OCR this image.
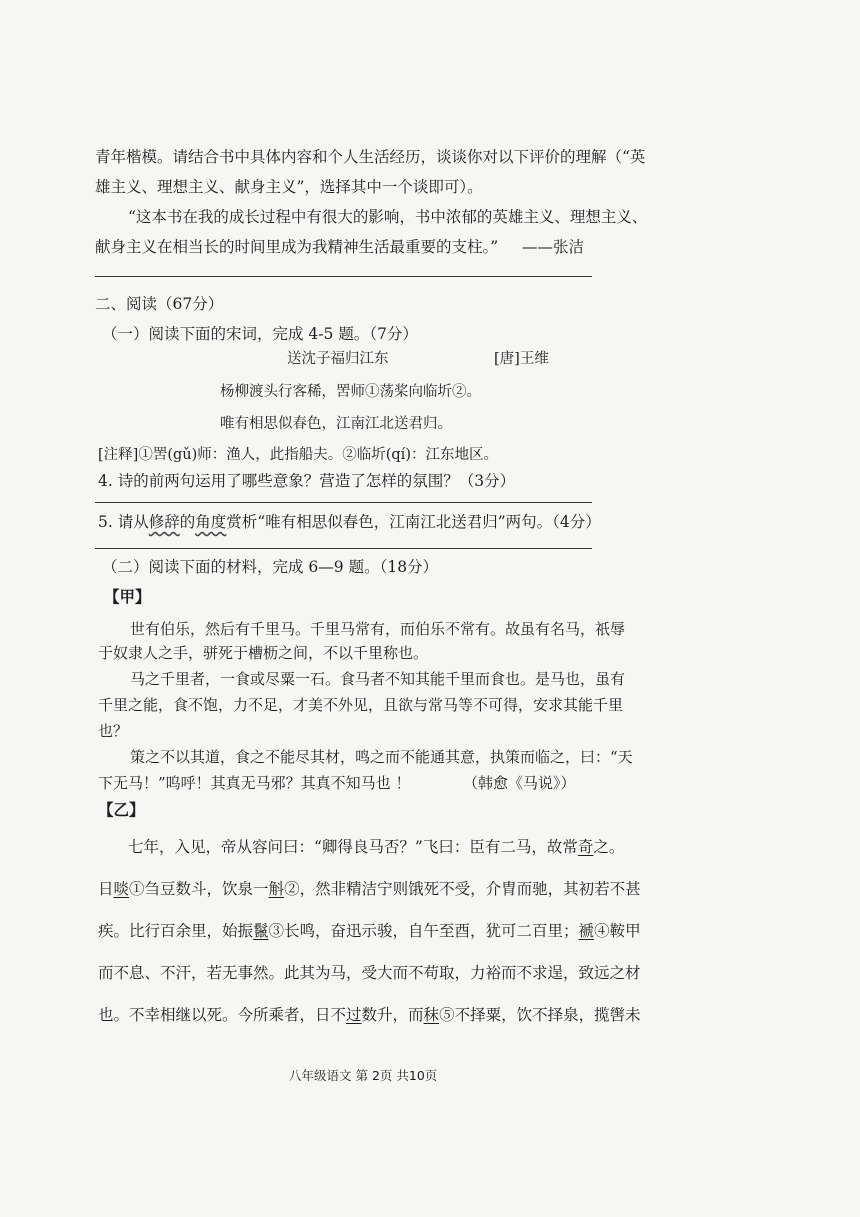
青年楷模。请结合书中具体内容和个人生活经历，谈谈你对以下评价的理解（“英
雄主义、理想主义、献身主义”，选择其中一个谈即可）。
“这本书在我的成长过程中有很大的影响，书中浓郁的英雄主义、理想主义、
献身主义在相当长的时间里成为我精神生活最重要的支柱。” ——张洁
二、阅读（67分）
（一）阅读下面的宋词，完成 4-5 题。（7分）
送沈子福归江东	[唐]王维
杨柳渡头行客稀，罟师①荡桨向临圻②。
唯有相思似春色，江南江北送君归。
[注释]①罟(gǔ)师：渔人，此指船夫。②临圻(qí)：江东地区。
4. 诗的前两句运用了哪些意象？营造了怎样的氛围？（3分）
5. 请从修辞的角度赏析“唯有相思似春色，江南江北送君归”两句。（4分）
（二）阅读下面的材料，完成 6—9 题。（18分）
【甲】
世有伯乐，然后有千里马。千里马常有，而伯乐不常有。故虽有名马，祇辱
于奴隶人之手，骈死于槽枥之间，不以千里称也。
马之千里者，一食或尽粟一石。食马者不知其能千里而食也。是马也，虽有
千里之能，食不饱，力不足，才美不外见，且欲与常马等不可得，安求其能千里
也？
策之不以其道，食之不能尽其材，鸣之而不能通其意，执策而临之，曰：“天
下无马！”呜呼！其真无马邪？其真不知马也 ！	（韩愈《马说》）
【乙】
七年，入见，帝从容问曰：“卿得良马否？”飞曰：臣有二马，故常奇之。
日啖①刍豆数斗，饮泉一斛②，然非精洁宁则饿死不受，介胄而驰，其初若不甚
疾。比行百余里，始振鬣③长鸣，奋迅示骏，自午至酉，犹可二百里；褫④鞍甲
而不息、不汗，若无事然。此其为马，受大而不苟取，力裕而不求逞，致远之材
也。不幸相继以死。今所乘者，日不过数升，而秣⑤不择粟，饮不择泉，揽辔未
八年级语文 第 2页 共10页
